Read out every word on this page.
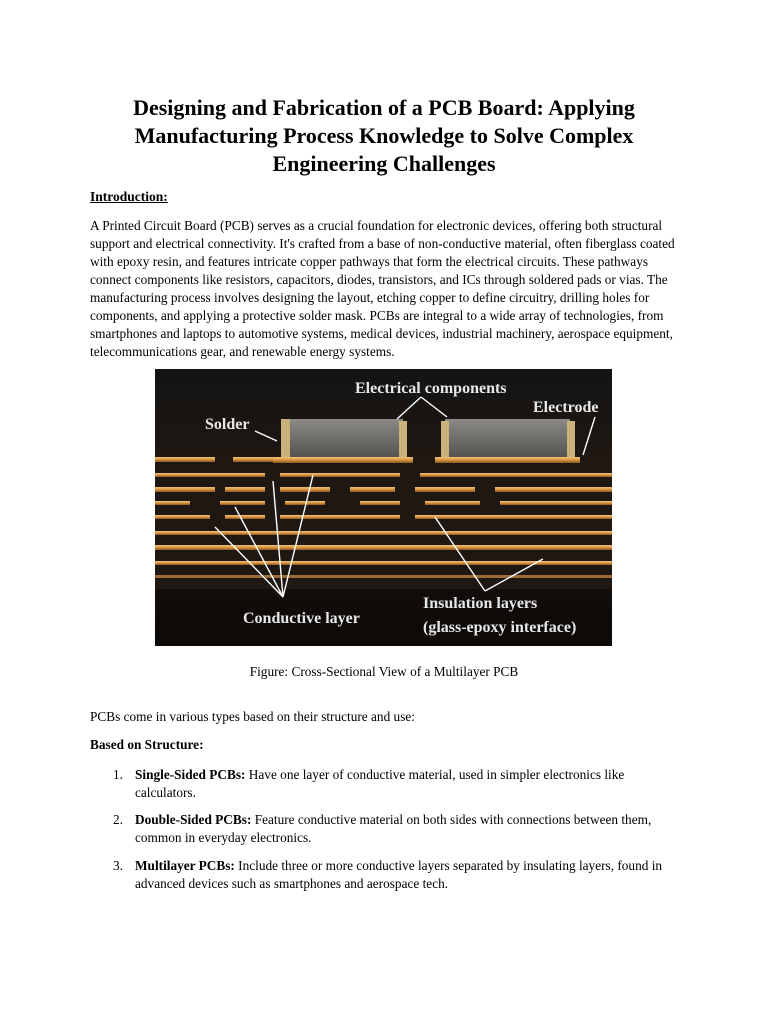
Designing and Fabrication of a PCB Board: Applying Manufacturing Process Knowledge to Solve Complex Engineering Challenges

Introduction:

A Printed Circuit Board (PCB) serves as a crucial foundation for electronic devices, offering both structural support and electrical connectivity. It's crafted from a base of non-conductive material, often fiberglass coated with epoxy resin, and features intricate copper pathways that form the electrical circuits. These pathways connect components like resistors, capacitors, diodes, transistors, and ICs through soldered pads or vias. The manufacturing process involves designing the layout, etching copper to define circuitry, drilling holes for components, and applying a protective solder mask. PCBs are integral to a wide array of technologies, from smartphones and laptops to automotive systems, medical devices, industrial machinery, aerospace equipment, telecommunications gear, and renewable energy systems.

Electrical components
Solder
Electrode
Conductive layer
Insulation layers
(glass-epoxy interface)

Figure: Cross-Sectional View of a Multilayer PCB

PCBs come in various types based on their structure and use:

Based on Structure:

1. Single-Sided PCBs: Have one layer of conductive material, used in simpler electronics like calculators.
2. Double-Sided PCBs: Feature conductive material on both sides with connections between them, common in everyday electronics.
3. Multilayer PCBs: Include three or more conductive layers separated by insulating layers, found in advanced devices such as smartphones and aerospace tech.
